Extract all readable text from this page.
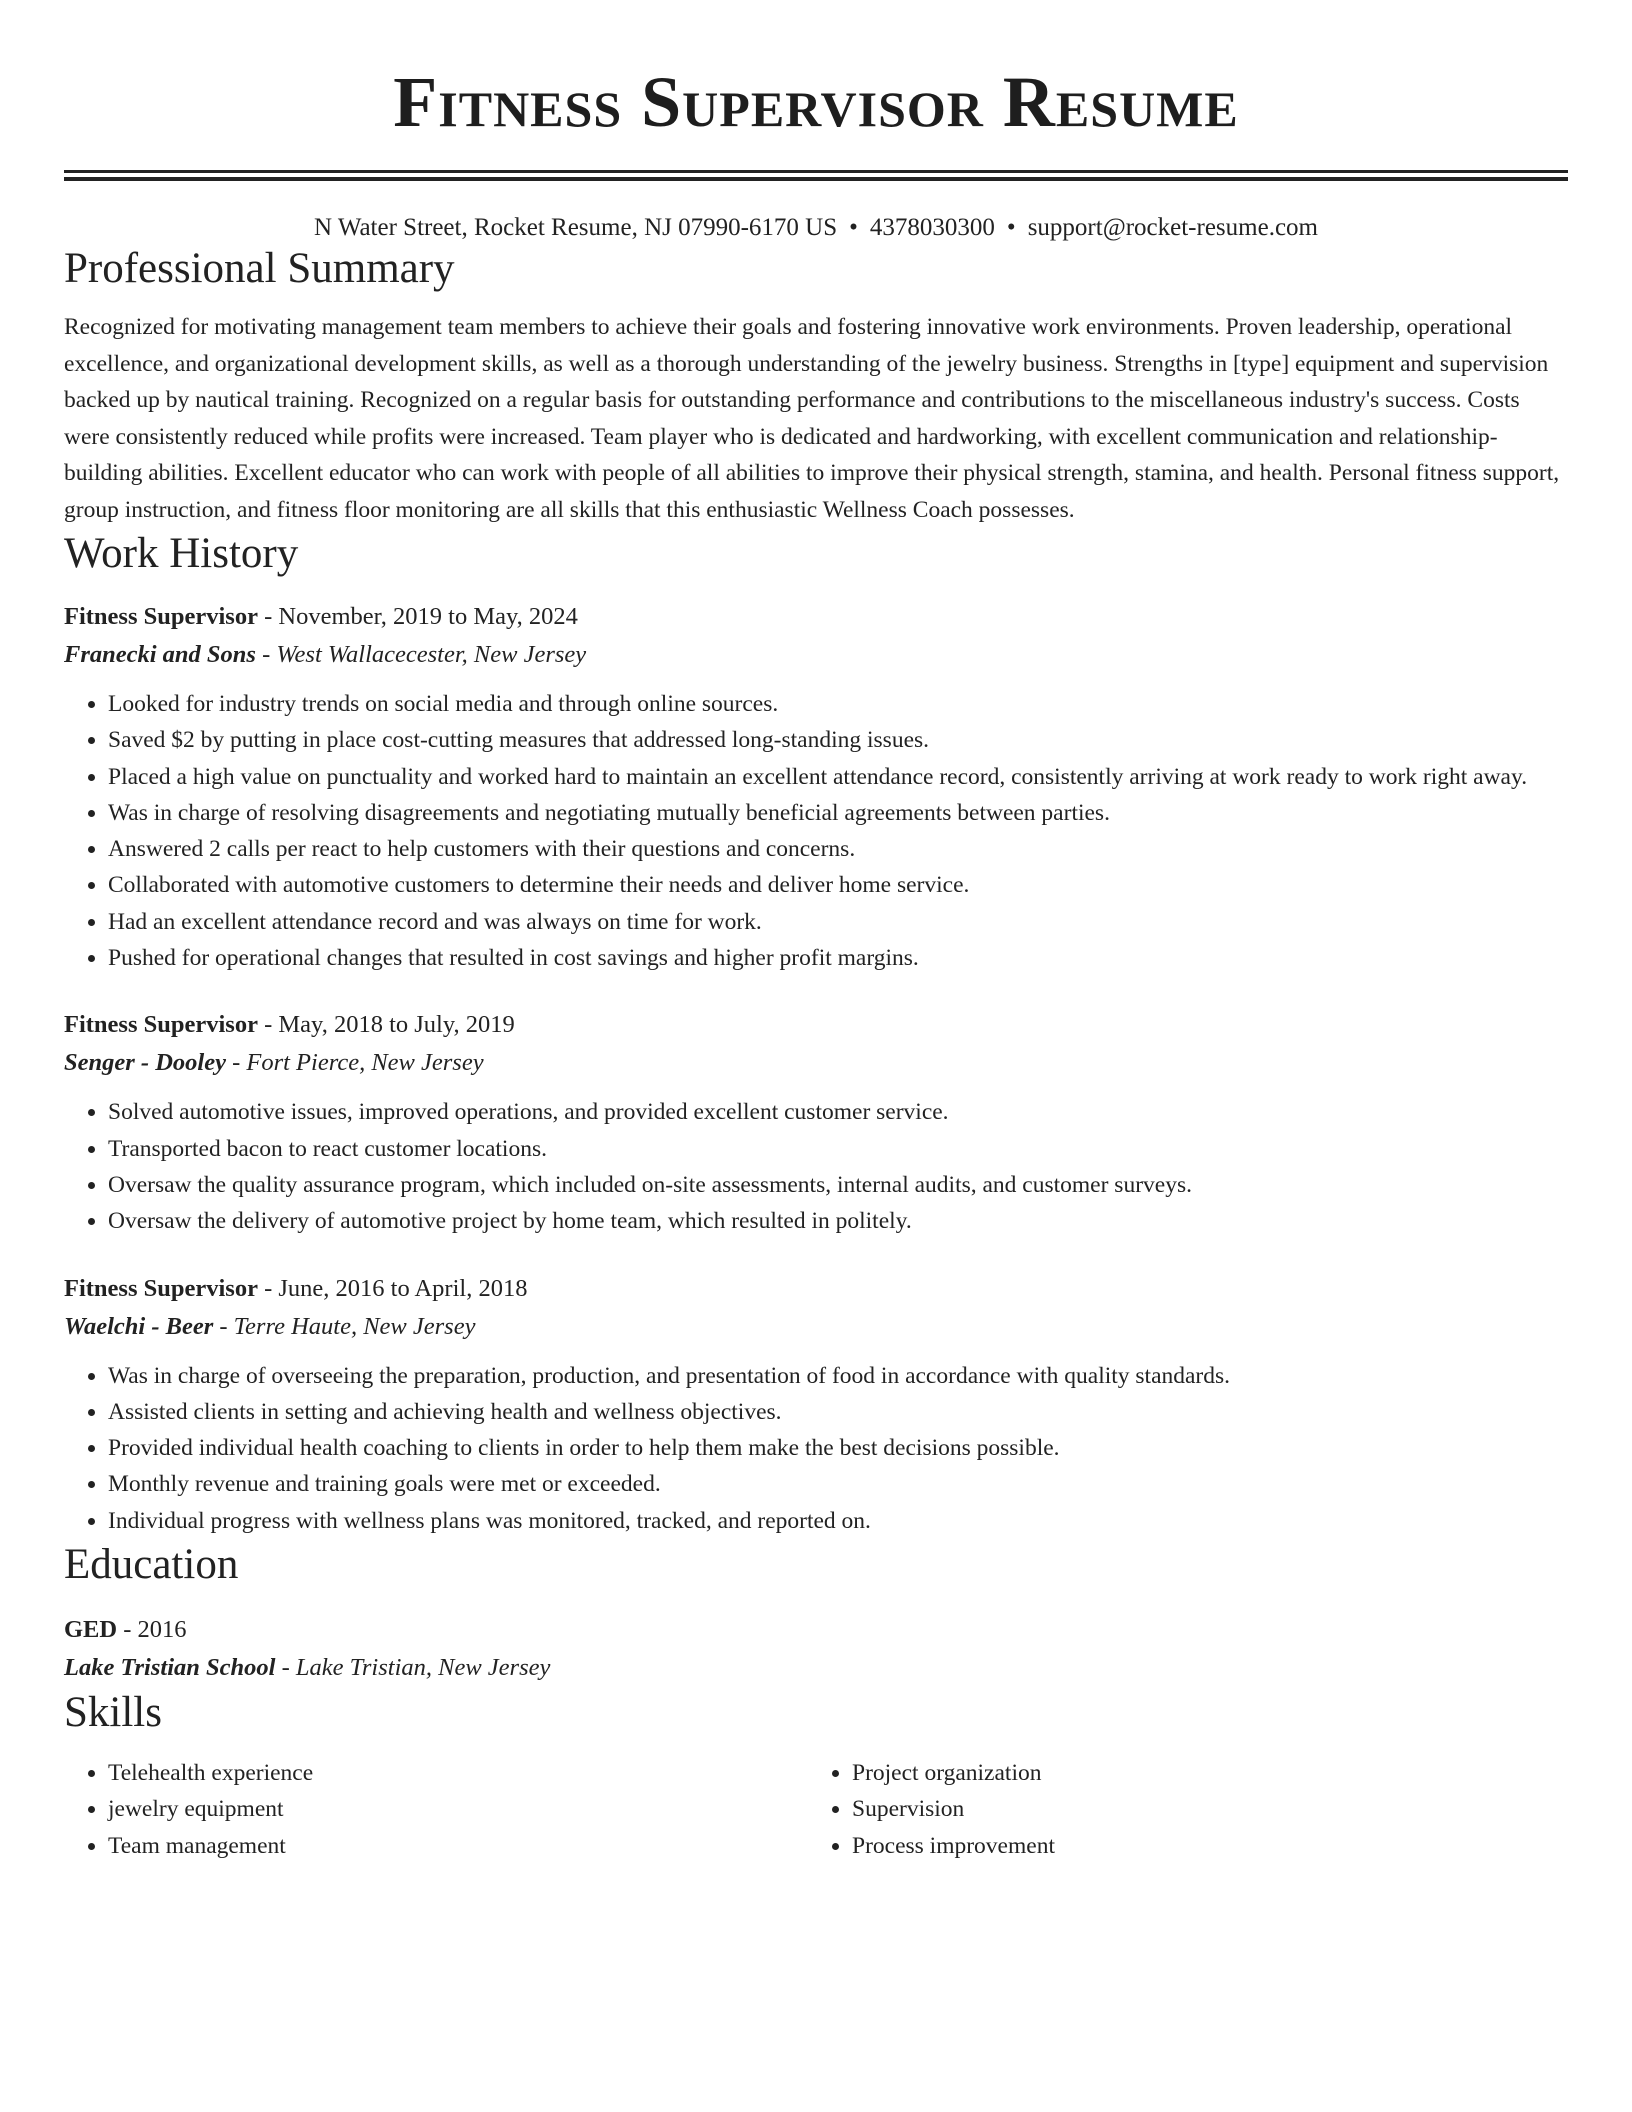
Fitness Supervisor Resume
N Water Street, Rocket Resume, NJ 07990-6170 US • 4378030300 • support@rocket-resume.com
Professional Summary

Recognized for motivating management team members to achieve their goals and fostering innovative work environments. Proven leadership, operational excellence, and organizational development skills, as well as a thorough understanding of the jewelry business. Strengths in [type] equipment and supervision backed up by nautical training. Recognized on a regular basis for outstanding performance and contributions to the miscellaneous industry's success. Costs were consistently reduced while profits were increased. Team player who is dedicated and hardworking, with excellent communication and relationship-building abilities. Excellent educator who can work with people of all abilities to improve their physical strength, stamina, and health. Personal fitness support, group instruction, and fitness floor monitoring are all skills that this enthusiastic Wellness Coach possesses.

Work History
Fitness Supervisor - November, 2019 to May, 2024
Franecki and Sons - West Wallacecester, New Jersey
• Looked for industry trends on social media and through online sources.
• Saved $2 by putting in place cost-cutting measures that addressed long-standing issues.
• Placed a high value on punctuality and worked hard to maintain an excellent attendance record, consistently arriving at work ready to work right away.
• Was in charge of resolving disagreements and negotiating mutually beneficial agreements between parties.
• Answered 2 calls per react to help customers with their questions and concerns.
• Collaborated with automotive customers to determine their needs and deliver home service.
• Had an excellent attendance record and was always on time for work.
• Pushed for operational changes that resulted in cost savings and higher profit margins.
Fitness Supervisor - May, 2018 to July, 2019
Senger - Dooley - Fort Pierce, New Jersey
• Solved automotive issues, improved operations, and provided excellent customer service.
• Transported bacon to react customer locations.
• Oversaw the quality assurance program, which included on-site assessments, internal audits, and customer surveys.
• Oversaw the delivery of automotive project by home team, which resulted in politely.
Fitness Supervisor - June, 2016 to April, 2018
Waelchi - Beer - Terre Haute, New Jersey
• Was in charge of overseeing the preparation, production, and presentation of food in accordance with quality standards.
• Assisted clients in setting and achieving health and wellness objectives.
• Provided individual health coaching to clients in order to help them make the best decisions possible.
• Monthly revenue and training goals were met or exceeded.
• Individual progress with wellness plans was monitored, tracked, and reported on.
Education
GED - 2016
Lake Tristian School - Lake Tristian, New Jersey
Skills
• Telehealth experience
• jewelry equipment
• Team management
• Project organization
• Supervision
• Process improvement
